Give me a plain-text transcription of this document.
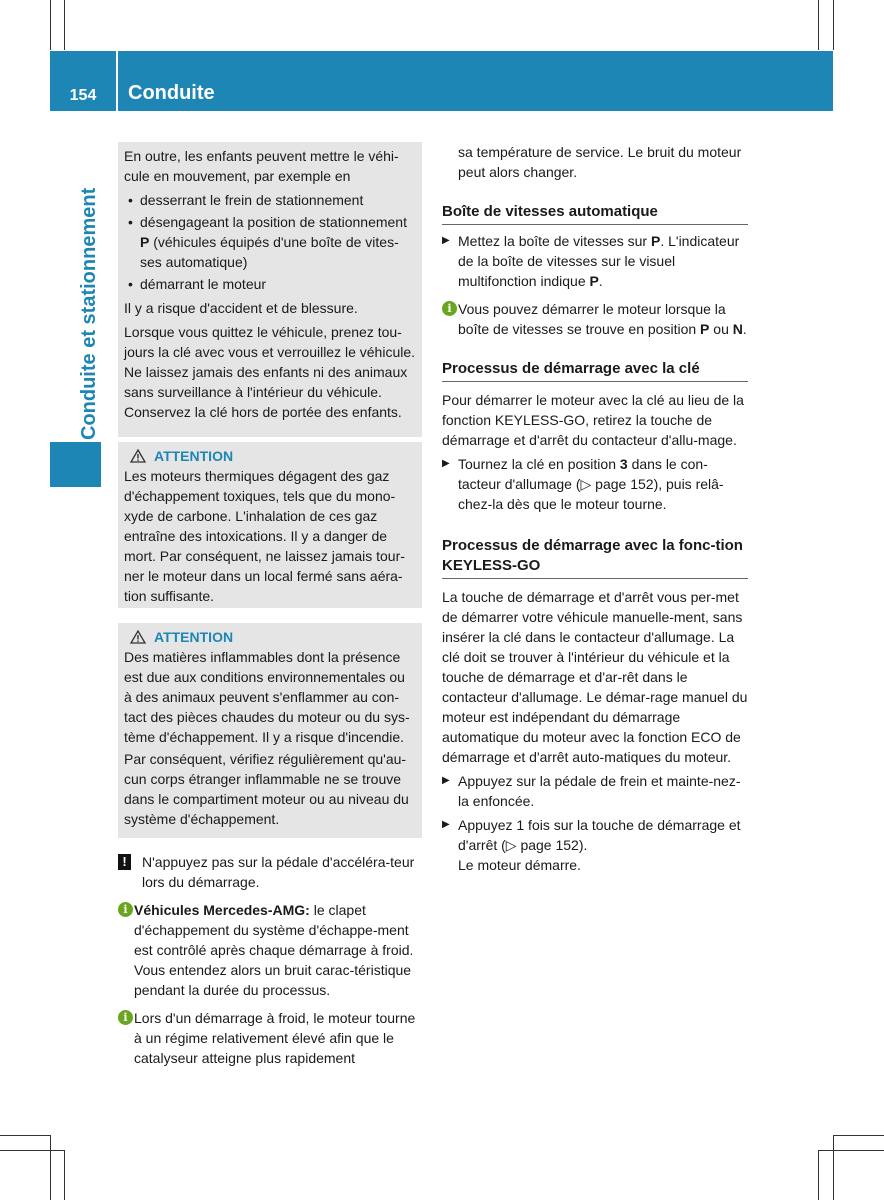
154	Conduite
Conduite et stationnement

En outre, les enfants peuvent mettre le véhi-cule en mouvement, par exemple en

• desserrant le frein de stationnement

• désengageant la position de stationnement
P (véhicules équipés d'une boîte de vites-ses automatique)

• démarrant le moteur

Il y a risque d'accident et de blessure.

Lorsque vous quittez le véhicule, prenez tou-jours la clé avec vous et verrouillez le véhicule. Ne laissez jamais des enfants ni des animaux sans surveillance à l'intérieur du véhicule. Conservez la clé hors de portée des enfants.

ATTENTION

Les moteurs thermiques dégagent des gaz d'échappement toxiques, tels que du mono-xyde de carbone. L'inhalation de ces gaz entraîne des intoxications. Il y a danger de mort. Par conséquent, ne laissez jamais tour-ner le moteur dans un local fermé sans aéra-tion suffisante.

ATTENTION

Des matières inflammables dont la présence est due aux conditions environnementales ou à des animaux peuvent s'enflammer au con-tact des pièces chaudes du moteur ou du sys-tème d'échappement. Il y a risque d'incendie.

Par conséquent, vérifiez régulièrement qu'au-cun corps étranger inflammable ne se trouve dans le compartiment moteur ou au niveau du système d'échappement.

!	N'appuyez pas sur la pédale d'accéléra-teur lors du démarrage.

i Véhicules Mercedes-AMG: le clapet d'échappement du système d'échappe-ment est contrôlé après chaque démarrage à froid. Vous entendez alors un bruit carac-téristique pendant la durée du processus.

i Lors d'un démarrage à froid, le moteur tourne à un régime relativement élevé afin que le catalyseur atteigne plus rapidement

sa température de service. Le bruit du moteur peut alors changer.

Boîte de vitesses automatique

▶ Mettez la boîte de vitesses sur P. L'indicateur de la boîte de vitesses sur le visuel multifonction indique P.

i Vous pouvez démarrer le moteur lorsque la boîte de vitesses se trouve en position P ou N.

Processus de démarrage avec la clé

Pour démarrer le moteur avec la clé au lieu de la fonction KEYLESS-GO, retirez la touche de démarrage et d'arrêt du contacteur d'allu-mage.

▶ Tournez la clé en position 3 dans le con-tacteur d'allumage (▷ page 152), puis relâ-chez-la dès que le moteur tourne.

Processus de démarrage avec la fonc-tion KEYLESS-GO

La touche de démarrage et d'arrêt vous per-met de démarrer votre véhicule manuelle-ment, sans insérer la clé dans le contacteur d'allumage. La clé doit se trouver à l'intérieur du véhicule et la touche de démarrage et d'ar-rêt dans le contacteur d'allumage. Le démar-rage manuel du moteur est indépendant du démarrage automatique du moteur avec la fonction ECO de démarrage et d'arrêt auto-matiques du moteur.

▶ Appuyez sur la pédale de frein et mainte-nez-la enfoncée.

▶ Appuyez 1 fois sur la touche de démarrage et d'arrêt (▷ page 152).

Le moteur démarre.
